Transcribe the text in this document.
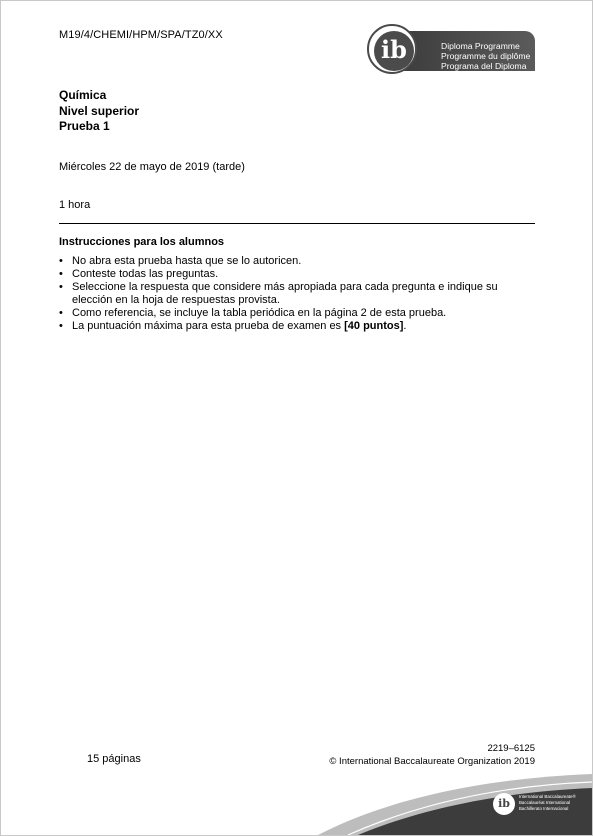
M19/4/CHEMI/HPM/SPA/TZ0/XX
Diploma Programme
Programme du diplôme
Programa del Diploma
ib
Química
Nivel superior
Prueba 1
Miércoles 22 de mayo de 2019 (tarde)
1 hora
Instrucciones para los alumnos
• No abra esta prueba hasta que se lo autoricen.
• Conteste todas las preguntas.
• Seleccione la respuesta que considere más apropiada para cada pregunta e indique su elección en la hoja de respuestas provista.
• Como referencia, se incluye la tabla periódica en la página 2 de esta prueba.
• La puntuación máxima para esta prueba de examen es [40 puntos].
15 páginas
2219–6125
© International Baccalaureate Organization 2019
ib
International Baccalaureate®
Baccalauréat International
Bachillerato Internacional
